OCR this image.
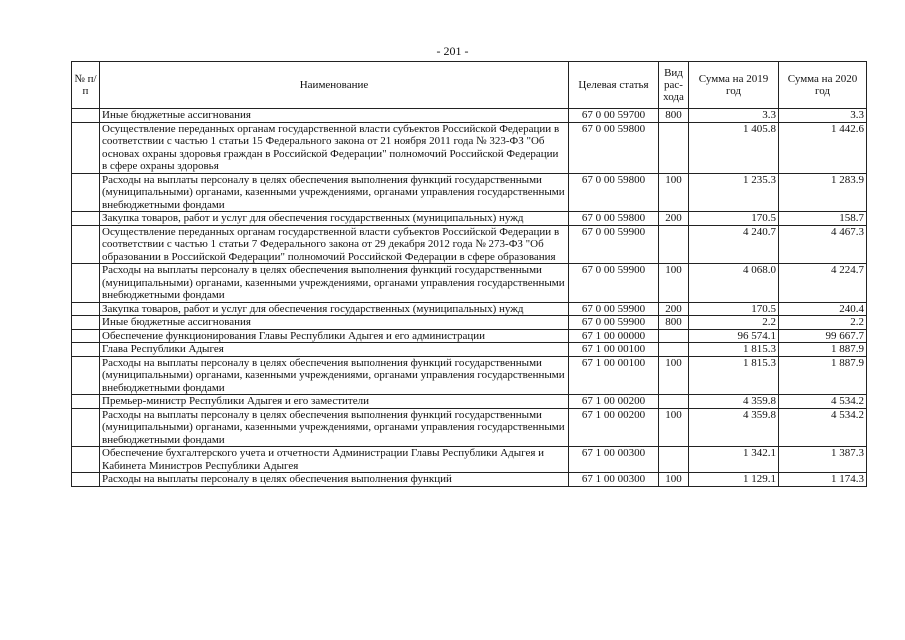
- 201 -
№ п/п	Наименование	Целевая статья	Вид рас-хода	Сумма на 2019 год	Сумма на 2020 год
	Иные бюджетные ассигнования	67 0 00 59700	800	3.3	3.3
	Осуществление переданных органам государственной власти субъектов Российской Федерации в соответствии с частью 1 статьи 15 Федерального закона от 21 ноября 2011 года № 323-ФЗ "Об основах охраны здоровья граждан в Российской Федерации" полномочий Российской Федерации в сфере охраны здоровья	67 0 00 59800		1 405.8	1 442.6
	Расходы на выплаты персоналу в целях обеспечения выполнения функций государственными (муниципальными) органами, казенными учреждениями, органами управления государственными внебюджетными фондами	67 0 00 59800	100	1 235.3	1 283.9
	Закупка товаров, работ и услуг для обеспечения государственных (муниципальных) нужд	67 0 00 59800	200	170.5	158.7
	Осуществление переданных органам государственной власти субъектов Российской Федерации в соответствии с частью 1 статьи 7 Федерального закона от 29 декабря 2012 года № 273-ФЗ "Об образовании в Российской Федерации" полномочий Российской Федерации в сфере образования	67 0 00 59900		4 240.7	4 467.3
	Расходы на выплаты персоналу в целях обеспечения выполнения функций государственными (муниципальными) органами, казенными учреждениями, органами управления государственными внебюджетными фондами	67 0 00 59900	100	4 068.0	4 224.7
	Закупка товаров, работ и услуг для обеспечения государственных (муниципальных) нужд	67 0 00 59900	200	170.5	240.4
	Иные бюджетные ассигнования	67 0 00 59900	800	2.2	2.2
	Обеспечение функционирования Главы Республики Адыгея и его администрации	67 1 00 00000		96 574.1	99 667.7
	Глава Республики Адыгея	67 1 00 00100		1 815.3	1 887.9
	Расходы на выплаты персоналу в целях обеспечения выполнения функций государственными (муниципальными) органами, казенными учреждениями, органами управления государственными внебюджетными фондами	67 1 00 00100	100	1 815.3	1 887.9
	Премьер-министр Республики Адыгея и его заместители	67 1 00 00200		4 359.8	4 534.2
	Расходы на выплаты персоналу в целях обеспечения выполнения функций государственными (муниципальными) органами, казенными учреждениями, органами управления государственными внебюджетными фондами	67 1 00 00200	100	4 359.8	4 534.2
	Обеспечение бухгалтерского учета и отчетности Администрации Главы Республики Адыгея и Кабинета Министров Республики Адыгея	67 1 00 00300		1 342.1	1 387.3
	Расходы на выплаты персоналу в целях обеспечения выполнения функций	67 1 00 00300	100	1 129.1	1 174.3
